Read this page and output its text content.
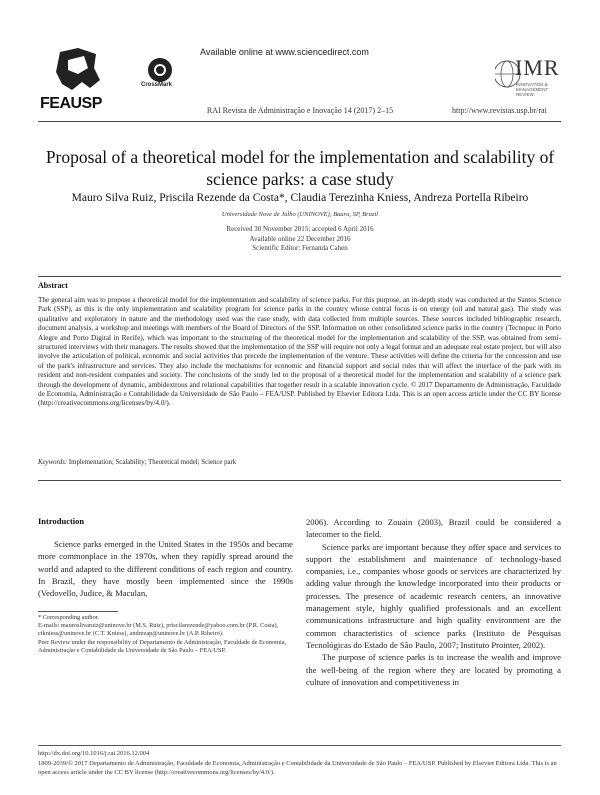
Available online at www.sciencedirect.com
FEAUSP
CrossMark
IMR
INNOVATION & MANAGEMENT REVIEW
RAI Revista de Administração e Inovação 14 (2017) 2–15	http://www.revistas.usp.br/rai
Proposal of a theoretical model for the implementation and scalability of science parks: a case study
Mauro Silva Ruiz, Priscila Rezende da Costa*, Claudia Terezinha Kniess, Andreza Portella Ribeiro
Universidade Nove de Julho (UNINOVE), Bauru, SP, Brazil
Received 30 November 2015; accepted 6 April 2016
Available online 22 December 2016
Scientific Editor: Fernanda Cahen
Abstract
The general aim was to propose a theoretical model for the implementation and scalability of science parks. For this purpose, an in-depth study was conducted at the Santos Science Park (SSP), as this is the only implementation and scalability program for science parks in the country whose central focus is on energy (oil and natural gas). The study was qualitative and exploratory in nature and the methodology used was the case study, with data collected from multiple sources. These sources included bibliographic research, document analysis, a workshop and meetings with members of the Board of Directors of the SSP. Information on other consolidated science parks in the country (Tecnopuc in Porto Alegre and Porto Digital in Recife), which was important to the structuring of the theoretical model for the implementation and scalability of the SSP, was obtained from semi-structured interviews with their managers. The results showed that the implementation of the SSP will require not only a legal format and an adequate real estate project, but will also involve the articulation of political, economic and social activities that precede the implementation of the venture. These activities will define the criteria for the concession and use of the park's infrastructure and services. They also include the mechanisms for economic and financial support and social rules that will affect the interface of the park with its resident and non-resident companies and society. The conclusions of the study led to the proposal of a theoretical model for the implementation and scalability of a science park through the development of dynamic, ambidextrous and relational capabilities that together result in a scalable innovation cycle. © 2017 Departamento de Administração, Faculdade de Economia, Administração e Contabilidade da Universidade de São Paulo – FEA/USP. Published by Elsevier Editora Ltda. This is an open access article under the CC BY license (http://creativecommons.org/licenses/by/4.0/).
Keywords: Implementation; Scalability; Theoretical model; Science park
Introduction

Science parks emerged in the United States in the 1950s and became more commonplace in the 1970s, when they rapidly spread around the world and adapted to the different conditions of each region and country. In Brazil, they have mostly been implemented since the 1990s (Vedovello, Judice, & Maculan,

2006). According to Zouain (2003), Brazil could be considered a latecomer to the field.

Science parks are important because they offer space and services to support the establishment and maintenance of technology-based companies, i.e., companies whose goods or services are characterized by adding value through the knowledge incorporated into their products or processes. The presence of academic research centers, an innovative management style, highly qualified professionals and an excellent communications infrastructure and high quality environment are the common characteristics of science parks (Instituto de Pesquisas Tecnológicas do Estado de São Paulo, 2007; Instituto Prointer, 2002).

The purpose of science parks is to increase the wealth and improve the well-being of the region where they are located by promoting a culture of innovation and competitiveness in

* Corresponding author.

E-mails: mauroslivaruiz@uninove.br (M.S. Ruiz), priscilarezende@yahoo.com.br (P.R. Costa), ctkniess@uninove.br (C.T. Kniess), andrezap@uninove.br (A.P. Ribeiro).

Peer Review under the responsibility of Departamento de Administração, Faculdade de Economia, Administração e Contabilidade da Universidade de São Paulo – FEA/USP.

http://dx.doi.org/10.1016/j.rai.2016.12.004
1809-2039/© 2017 Departamento de Administração, Faculdade de Economia, Administração e Contabilidade da Universidade de São Paulo – FEA/USP. Published by Elsevier Editora Ltda. This is an open access article under the CC BY license (http://creativecommons.org/licenses/by/4.0/).
